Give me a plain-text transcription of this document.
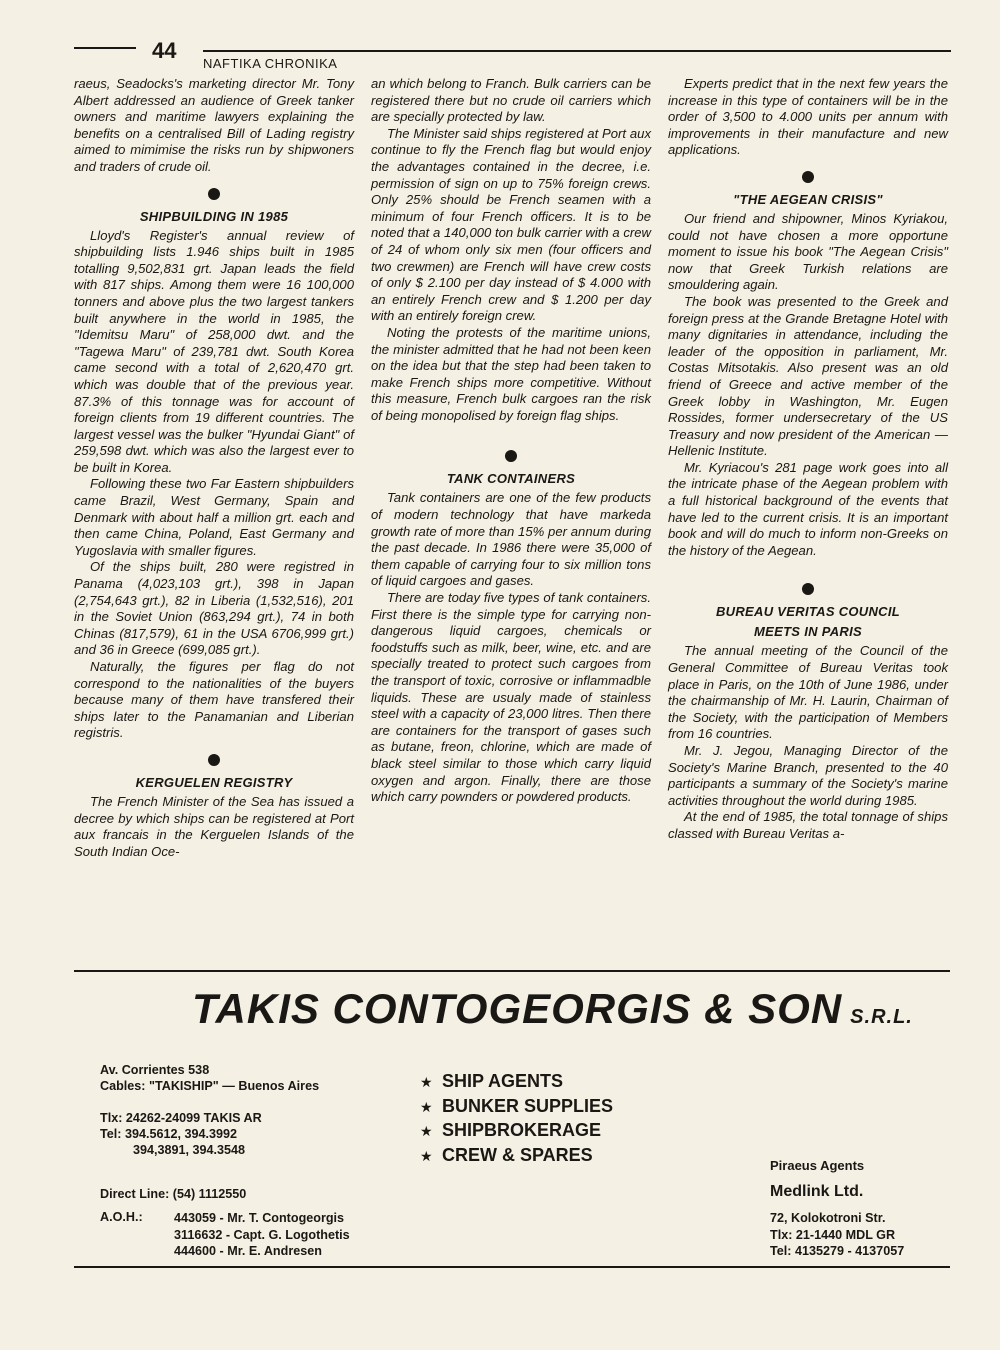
44
NAFTIKA CHRONIKA

raeus, Seadocks's marketing director Mr. Tony Albert addressed an audience of Greek tanker owners and maritime lawyers explaining the benefits on a centralised Bill of Lading registry aimed to mimimise the risks run by shipwoners and traders of crude oil.

SHIPBUILDING IN 1985

Lloyd's Register's annual review of shipbuilding lists 1.946 ships built in 1985 totalling 9,502,831 grt. Japan leads the field with 817 ships. Among them were 16 100,000 tonners and above plus the two largest tankers built anywhere in the world in 1985, the "Idemitsu Maru" of 258,000 dwt. and the "Tagewa Maru" of 239,781 dwt. South Korea came second with a total of 2,620,470 grt. which was double that of the previous year. 87.3% of this tonnage was for account of foreign clients from 19 different countries. The largest vessel was the bulker "Hyundai Giant" of 259,598 dwt. which was also the largest ever to be built in Korea.

Following these two Far Eastern shipbuilders came Brazil, West Germany, Spain and Denmark with about half a million grt. each and then came China, Poland, East Germany and Yugoslavia with smaller figures.

Of the ships built, 280 were registred in Panama (4,023,103 grt.), 398 in Japan (2,754,643 grt.), 82 in Liberia (1,532,516), 201 in the Soviet Union (863,294 grt.), 74 in both Chinas (817,579), 61 in the USA 6706,999 grt.) and 36 in Greece (699,085 grt.).

Naturally, the figures per flag do not correspond to the nationalities of the buyers because many of them have transfered their ships later to the Panamanian and Liberian registris.

KERGUELEN REGISTRY

The French Minister of the Sea has issued a decree by which ships can be registered at Port aux francais in the Kerguelen Islands of the South Indian Oce-

an which belong to Franch. Bulk carriers can be registered there but no crude oil carriers which are specially protected by law.

The Minister said ships registered at Port aux continue to fly the French flag but would enjoy the advantages contained in the decree, i.e. permission of sign on up to 75% foreign crews. Only 25% should be French seamen with a minimum of four French officers. It is to be noted that a 140,000 ton bulk carrier with a crew of 24 of whom only six men (four officers and two crewmen) are French will have crew costs of only $ 2.100 per day instead of $ 4.000 with an entirely French crew and $ 1.200 per day with an entirely foreign crew.

Noting the protests of the maritime unions, the minister admitted that he had not been keen on the idea but that the step had been taken to make French ships more competitive. Without this measure, French bulk cargoes ran the risk of being monopolised by foreign flag ships.

TANK CONTAINERS

Tank containers are one of the few products of modern technology that have markeda growth rate of more than 15% per annum during the past decade. In 1986 there were 35,000 of them capable of carrying four to six million tons of liquid cargoes and gases.

There are today five types of tank containers. First there is the simple type for carrying non-dangerous liquid cargoes, chemicals or foodstuffs such as milk, beer, wine, etc. and are specially treated to protect such cargoes from the transport of toxic, corrosive or inflammadble liquids. These are usualy made of stainless steel with a capacity of 23,000 litres. Then there are containers for the transport of gases such as butane, freon, chlorine, which are made of black steel similar to those which carry liquid oxygen and argon. Finally, there are those which carry pownders or powdered products.

Experts predict that in the next few years the increase in this type of containers will be in the order of 3,500 to 4.000 units per annum with improvements in their manufacture and new applications.

"THE AEGEAN CRISIS"

Our friend and shipowner, Minos Kyriakou, could not have chosen a more opportune moment to issue his book "The Aegean Crisis" now that Greek Turkish relations are smouldering again.

The book was presented to the Greek and foreign press at the Grande Bretagne Hotel with many dignitaries in attendance, including the leader of the opposition in parliament, Mr. Costas Mitsotakis. Also present was an old friend of Greece and active member of the Greek lobby in Washington, Mr. Eugen Rossides, former undersecretary of the US Treasury and now president of the American — Hellenic Institute.

Mr. Kyriacou's 281 page work goes into all the intricate phase of the Aegean problem with a full historical background of the events that have led to the current crisis. It is an important book and will do much to inform non-Greeks on the history of the Aegean.

BUREAU VERITAS COUNCIL
MEETS IN PARIS

The annual meeting of the Council of the General Committee of Bureau Veritas took place in Paris, on the 10th of June 1986, under the chairmanship of Mr. H. Laurin, Chairman of the Society, with the participation of Members from 16 countries.

Mr. J. Jegou, Managing Director of the Society's Marine Branch, presented to the 40 participants a summary of the Society's marine activities throughout the world during 1985.

At the end of 1985, the total tonnage of ships classed with Bureau Veritas a-

TAKIS CONTOGEORGIS & SON S.R.L.
Av. Corrientes 538
Cables: "TAKISHIP" — Buenos Aires
Tlx: 24262-24099 TAKIS AR
Tel: 394.5612, 394.3992
394,3891, 394.3548
Direct Line: (54) 1112550
A.O.H.: 443059 - Mr. T. Contogeorgis
3116632 - Capt. G. Logothetis
444600 - Mr. E. Andresen
★ SHIP AGENTS
★ BUNKER SUPPLIES
★ SHIPBROKERAGE
★ CREW & SPARES
Piraeus Agents
Medlink Ltd.
72, Kolokotroni Str.
Tlx: 21-1440 MDL GR
Tel: 4135279 - 4137057
